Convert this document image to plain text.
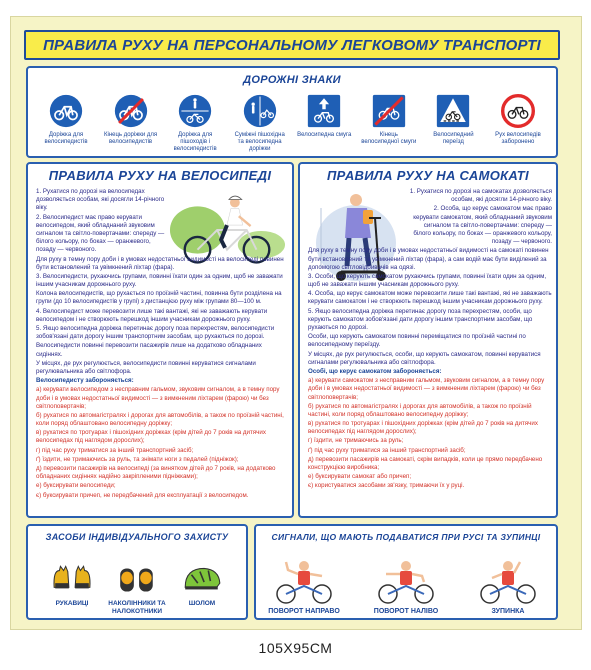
ПРАВИЛА РУХУ НА ПЕРСОНАЛЬНОМУ ЛЕГКОВОМУ ТРАНСПОРТІ
ДОРОЖНІ ЗНАКИ
Доріжка для велосипедистів
Кінець доріжки для велосипедистів
Доріжка для пішоходів і велосипедистів
Суміжні пішохідна та велосипедна доріжки
Велосипедна смуга	Кінець велосипедної смуги
Велосипедний переїзд
Рух велосипедів заборонено
ПРАВИЛА РУХУ НА ВЕЛОСИПЕДІ

1. Рухатися по дорозі на велосипедах дозволяється особам, які досягли 14-річного віку.

2. Велосипедист має право керувати велосипедом, який обладнаний звуковим сигналом та світло-повертачами: спереду — білого кольору, по боках — оранжевого, позаду — червоного.

Для руху в темну пору доби і в умовах недостатньої видимості на велосипеді повинен бути встановлений та увімкнений ліхтар (фара).

3. Велосипедисти, рухаючись групами, повинні їхати один за одним, щоб не заважати іншим учасникам дорожнього руху.

Колона велосипедистів, що рухається по проїзній частині, повинна бути розділена на групи (до 10 велосипедистів у групі) з дистанцією руху між групами 80—100 м.

4. Велосипедист може перевозити лише такі вантажі, які не заважають керувати велосипедом і не створюють перешкод іншим учасникам дорожнього руху.

5. Якщо велосипедна доріжка перетинає дорогу поза перехрестям, велосипедисти зобов'язані дати дорогу іншим транспортним засобам, що рухаються по дорозі.

Велосипедисти повинні перевозити пасажирів лише на додатково обладнаних сидіннях.

У місцях, де рух регулюється, велосипедисти повинні керуватися сигналами регулювальника або світлофора.

Велосипедисту забороняється:

а) керувати велосипедом з несправним гальмом, звуковим сигналом, а в темну пору доби і в умовах недостатньої видимості — з вимкненим ліхтарем (фарою) чи без світлоповертачів;

б) рухатися по автомагістралях і дорогах для автомобілів, а також по проїзній частині, коли поряд облаштовано велосипедну доріжку;

в) рухатися по тротуарах і пішохідних доріжках (крім дітей до 7 років на дитячих велосипедах під наглядом дорослих);

г) під час руху триматися за інший транспортний засіб;

ґ) їздити, не тримаючись за руль, та знімати ноги з педалей (підніжок);

д) перевозити пасажирів на велосипеді (за винятком дітей до 7 років, на додатково обладнаних сидіннях надійно закріпленими підніжками);

е) буксирувати велосипеди;

є) буксирувати причеп, не передбачений для експлуатації з велосипедом.

ПРАВИЛА РУХУ НА САМОКАТІ

1. Рухатися по дорозі на самокатах дозволяється особам, які досягли 14-річного віку.

2. Особа, що керує самокатом має право керувати самокатом, який обладнаний звуковим сигналом та світло-повертачами: спереду — білого кольору, по боках — оранжевого кольору, позаду — червоного.

Для руху в темну пору доби і в умовах недостатньої видимості на самокаті повинен бути встановлений та увімкнений ліхтар (фара), а сам водій має бути виділений за допомогою світловідбивачів на одязі.

3. Особи, що керують самокатом рухаючись групами, повинні їхати один за одним, щоб не заважати іншим учасникам дорожнього руху.

4. Особа, що керує самокатом може перевозити лише такі вантажі, які не заважають керувати самокатом і не створюють перешкод іншим учасникам дорожнього руху.

5. Якщо велосипедна доріжка перетинає дорогу поза перехрестям, особи, що керують самокатом зобов'язані дати дорогу іншим транспортним засобам, що рухаються по дорозі.

Особи, що керують самокатом повинні переміщатися по проїзній частині по велосипедному переїзду.

У місцях, де рух регулюється, особи, що керують самокатом, повинні керуватися сигналами регулювальника або світлофора.

Особі, що керує самокатом забороняється:

а) керувати самокатом з несправним гальмом, звуковим сигналом, а в темну пору доби і в умовах недостатньої видимості — з вимкненим ліхтарем (фарою) чи без світлоповертачів;

б) рухатися по автомагістралях і дорогах для автомобілів, а також по проїзній частині, коли поряд облаштовано велосипедну доріжку;

в) рухатися по тротуарах і пішохідних доріжках (крім дітей до 7 років на дитячих велосипедах під наглядом дорослих);

г) їздити, не тримаючись за руль;

ґ) під час руху триматися за інший транспортний засіб;

д) перевозити пасажирів на самокаті, скрім випадків, коли це прямо передбачено конструкцією виробника;

е) буксирувати самокат або причеп;

є) користуватися засобами зв'язку, тримаючи їх у руці.

ЗАСОБИ ІНДИВІДУАЛЬНОГО ЗАХИСТУ
РУКАВИЦІ	НАКОЛІННИКИ ТА НАЛОКОТНИКИ
ШОЛОМ
СИГНАЛИ, ЩО МАЮТЬ ПОДАВАТИСЯ ПРИ РУСІ ТА ЗУПИНЦІ
ПОВОРОТ НАПРАВО	ПОВОРОТ НАЛІВО	ЗУПИНКА
105Х95СМ
